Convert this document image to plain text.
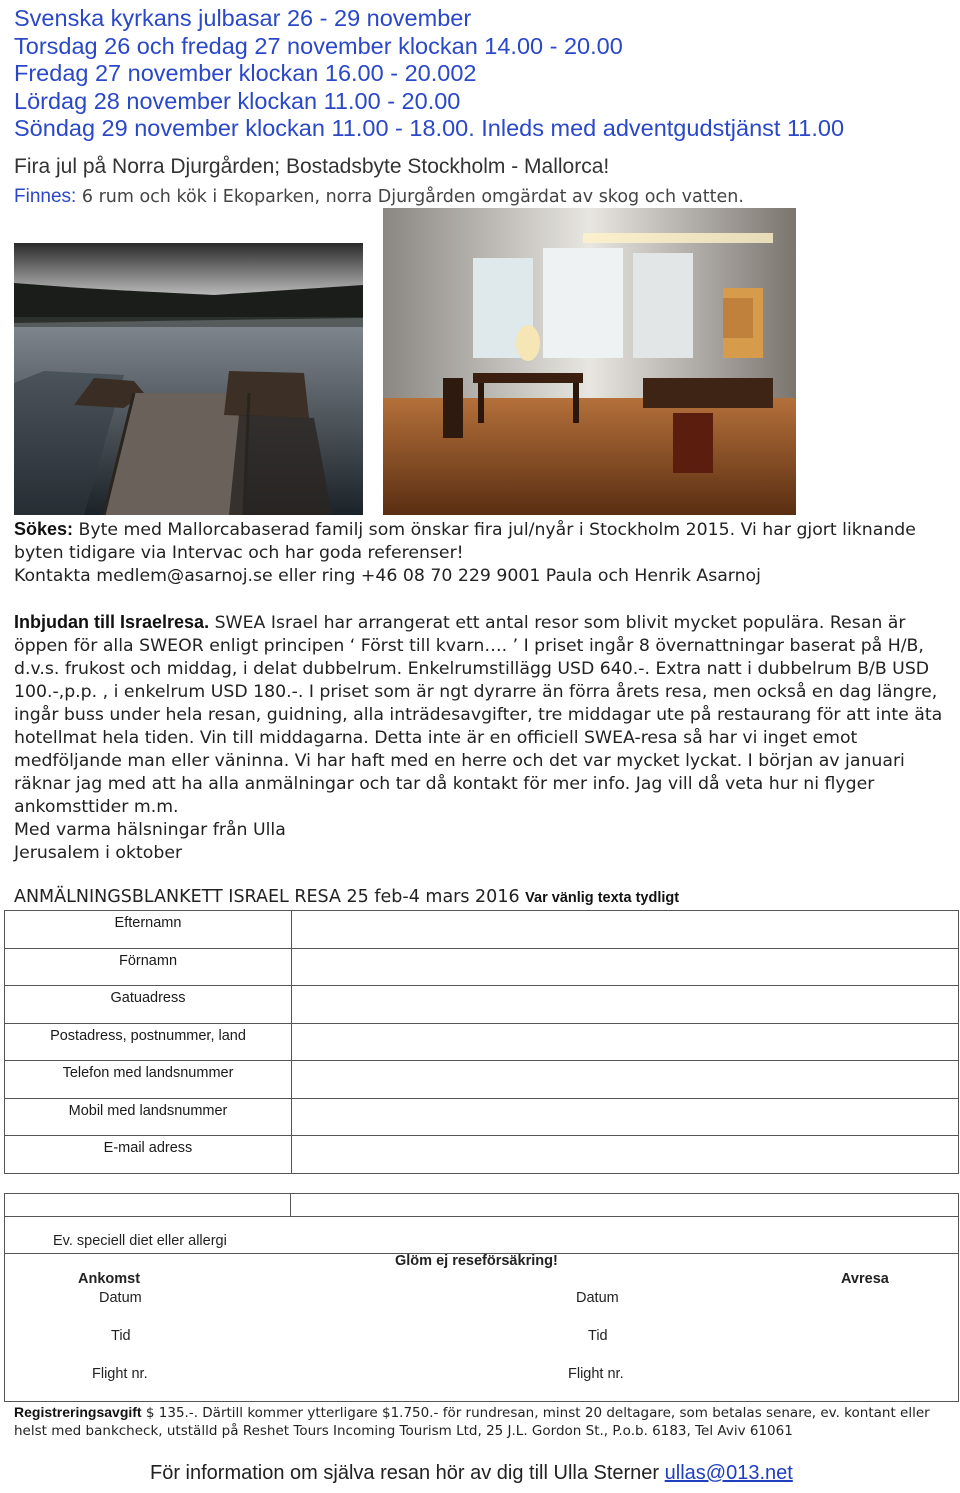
Svenska kyrkans julbasar 26 - 29 november
Torsdag 26 och fredag 27 november klockan 14.00 - 20.00
Fredag 27 november klockan 16.00 - 20.002
Lördag 28 november klockan 11.00 - 20.00
Söndag 29 november klockan 11.00 - 18.00. Inleds med adventgudstjänst 11.00
Fira jul på Norra Djurgården; Bostadsbyte Stockholm - Mallorca!
Finnes: 6 rum och kök i Ekoparken, norra Djurgården omgärdat av skog och vatten.
Sökes: Byte med Mallorcabaserad familj som önskar fira jul/nyår i Stockholm 2015. Vi har gjort liknande
byten tidigare via Intervac och har goda referenser!
Kontakta medlem@asarnoj.se eller ring +46 08 70 229 9001 Paula och Henrik Asarnoj
Inbjudan till Israelresa. SWEA Israel har arrangerat ett antal resor som blivit mycket populära. Resan är
öppen för alla SWEOR enligt principen ‘ Först till kvarn…. ’ I priset ingår 8 övernattningar baserat på H/B,
d.v.s. frukost och middag, i delat dubbelrum. Enkelrumstillägg USD 640.-. Extra natt i dubbelrum B/B USD
100.-,p.p. , i enkelrum USD 180.-. I priset som är ngt dyrarre än förra årets resa, men också en dag längre,
ingår buss under hela resan, guidning, alla inträdesavgifter, tre middagar ute på restaurang för att inte äta
hotellmat hela tiden. Vin till middagarna. Detta inte är en officiell SWEA-resa så har vi inget emot
medföljande man eller väninna. Vi har haft med en herre och det var mycket lyckat. I början av januari
räknar jag med att ha alla anmälningar och tar då kontakt för mer info. Jag vill då veta hur ni flyger
ankomsttider m.m.
Med varma hälsningar från Ulla
Jerusalem i oktober
ANMÄLNINGSBLANKETT ISRAEL RESA 25 feb-4 mars 2016 Var vänlig texta tydligt
Efternamn	
Förnamn	
Gatuadress	
Postadress, postnummer, land	
Telefon med landsnummer	
Mobil med landsnummer	
E-mail adress	
Ev. speciell diet eller allergi
Glöm ej reseförsäkring!
Ankomst	Avresa
Datum	Datum
Tid	Tid
Flight nr.	Flight nr.
Registreringsavgift $ 135.-. Därtill kommer ytterligare $1.750.- för rundresan, minst 20 deltagare, som betalas senare, ev. kontant eller
helst med bankcheck, utställd på Reshet Tours Incoming Tourism Ltd, 25 J.L. Gordon St., P.o.b. 6183, Tel Aviv 61061
För information om själva resan hör av dig till Ulla Sterner ullas@013.net
